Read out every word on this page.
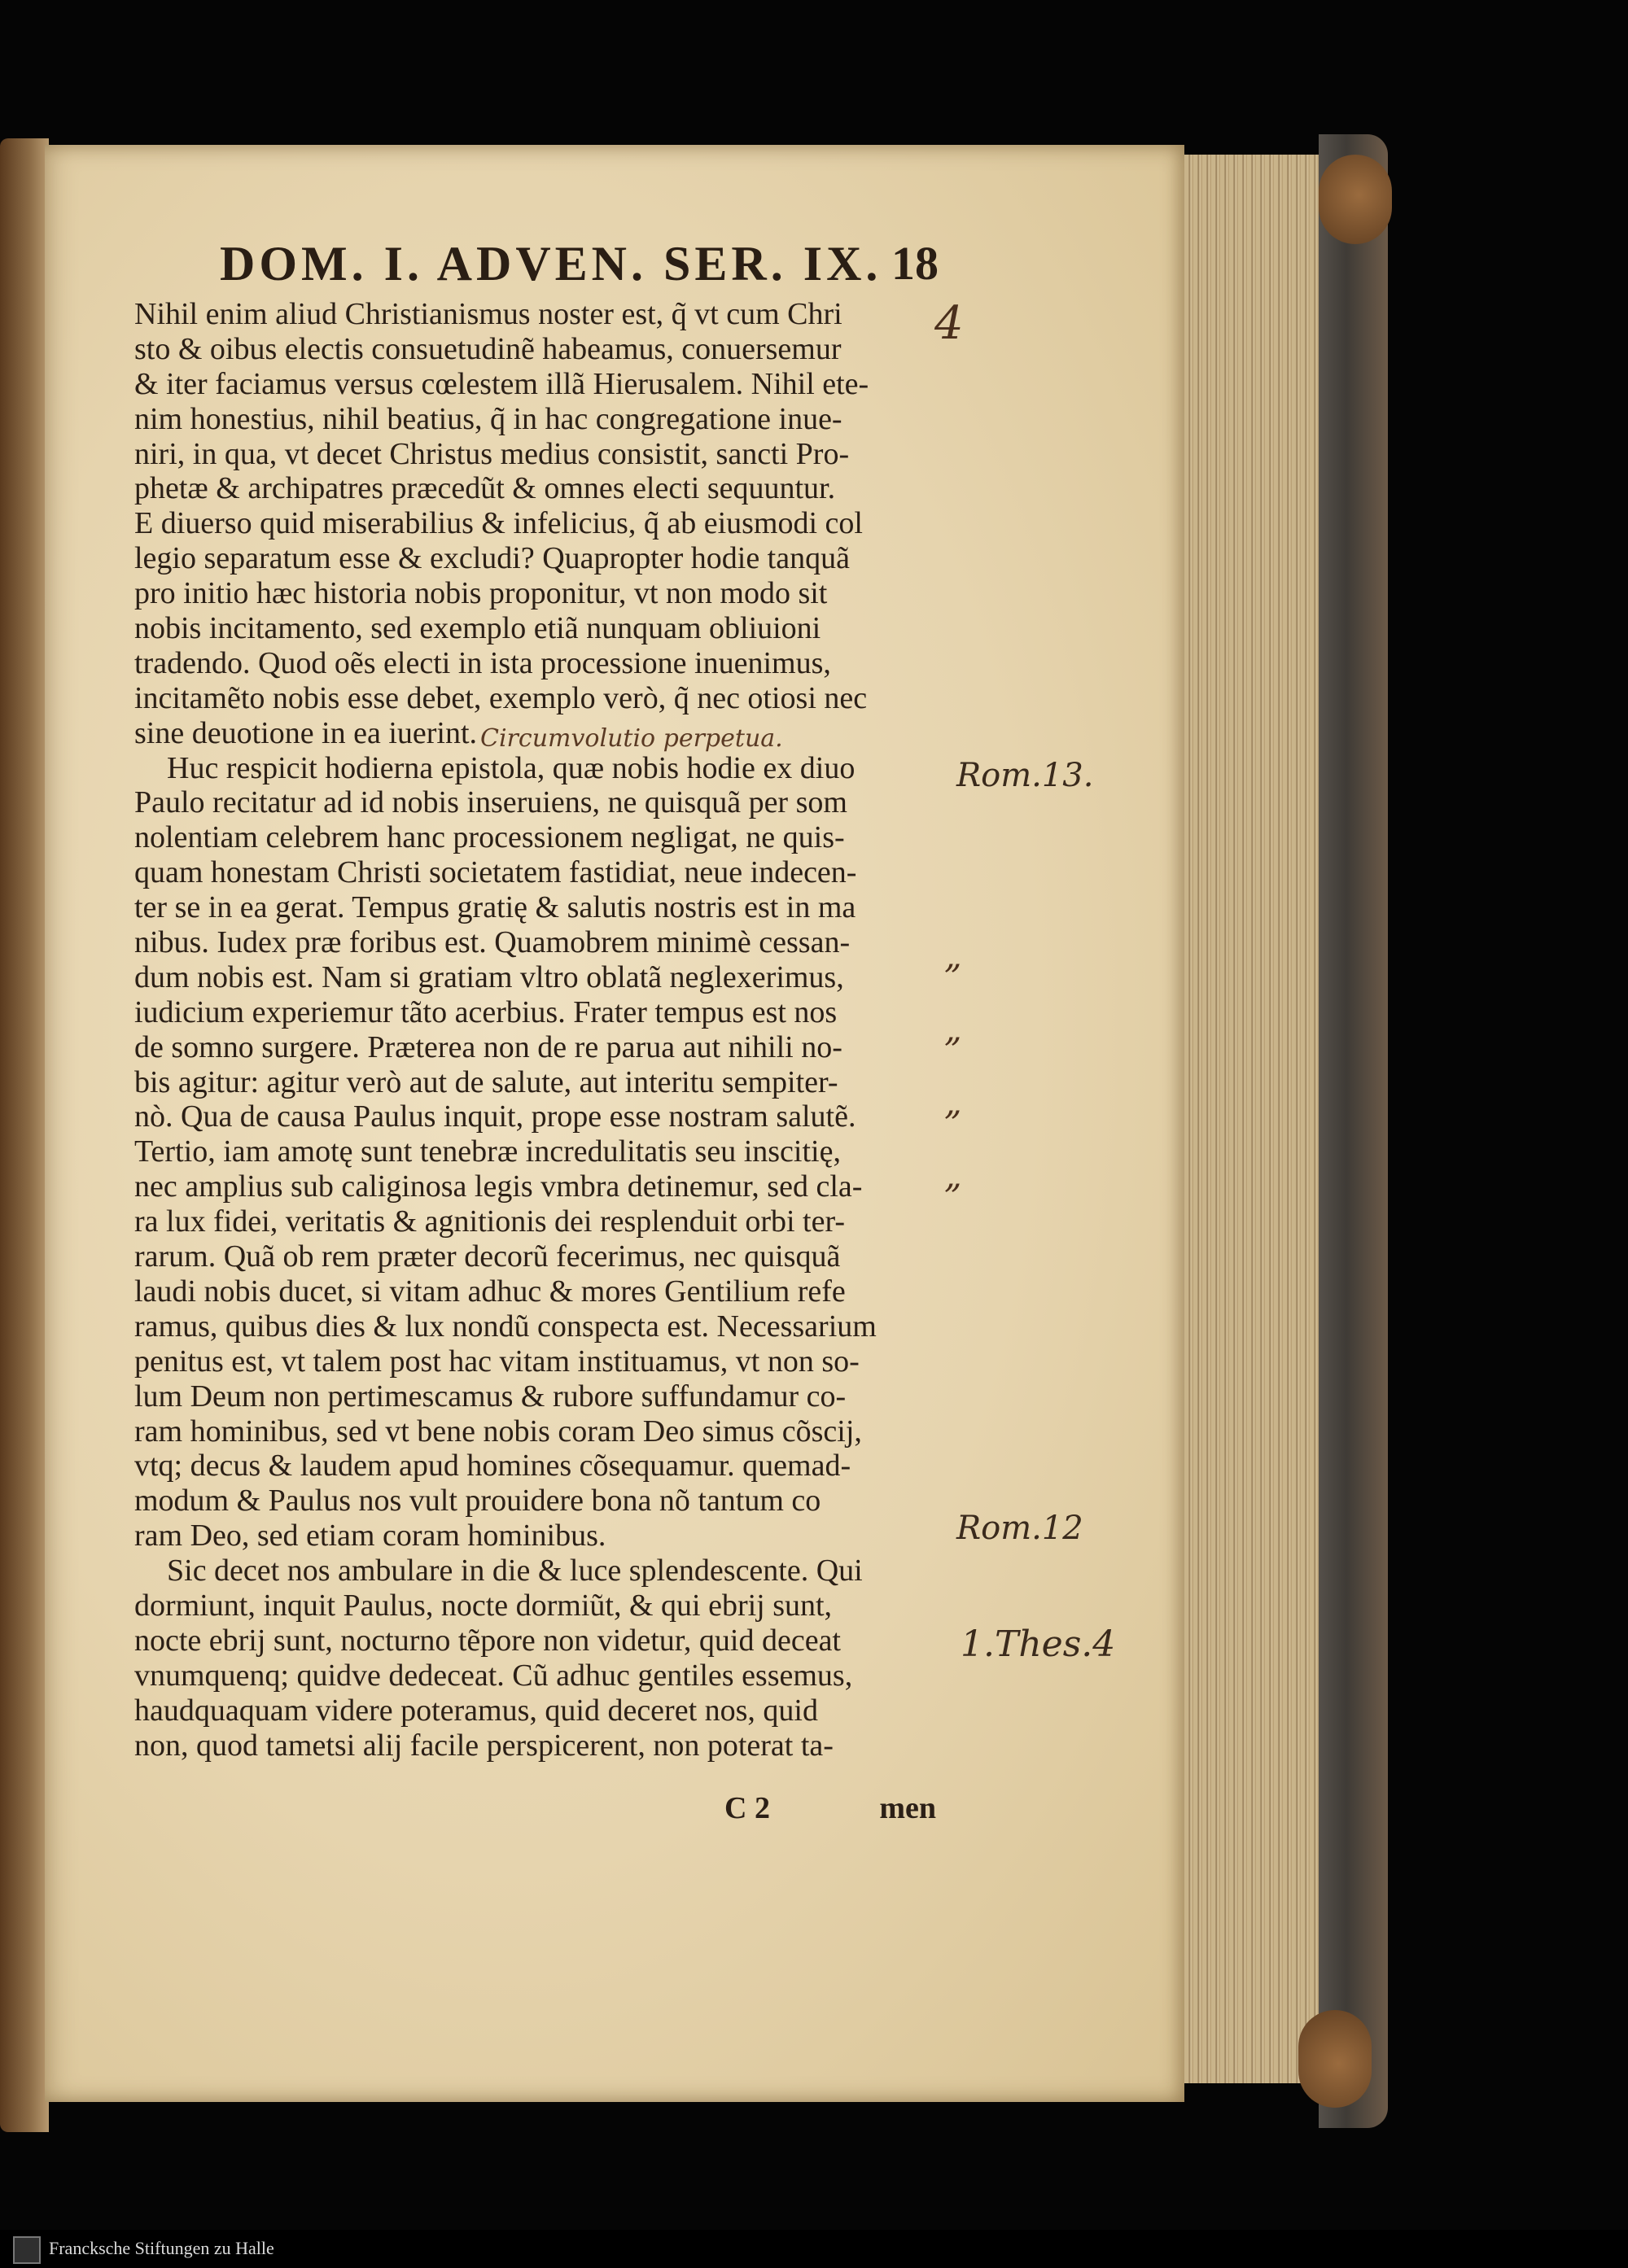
DOM. I. ADVEN. SER. IX. 18
Nihil enim aliud Christianismus noster est, q̃ vt cum Chri
sto & oibus electis consuetudinẽ habeamus, conuersemur
& iter faciamus versus cœlestem illã Hierusalem. Nihil ete-
nim honestius, nihil beatius, q̃ in hac congregatione inue-
niri, in qua, vt decet Christus medius consistit, sancti Pro-
phetæ & archipatres præcedũt & omnes electi sequuntur.
E diuerso quid miserabilius & infelicius, q̃ ab eiusmodi col
legio separatum esse & excludi? Quapropter hodie tanquã
pro initio hæc historia nobis proponitur, vt non modo sit
nobis incitamento, sed exemplo etiã nunquam obliuioni
tradendo. Quod oẽs electi in ista processione inuenimus,
incitamẽto nobis esse debet, exemplo verò, q̃ nec otiosi nec
sine deuotione in ea iuerint.
Huc respicit hodierna epistola, quæ nobis hodie ex diuo
Paulo recitatur ad id nobis inseruiens, ne quisquã per som
nolentiam celebrem hanc processionem negligat, ne quis-
quam honestam Christi societatem fastidiat, neue indecen-
ter se in ea gerat. Tempus gratię & salutis nostris est in ma
nibus. Iudex præ foribus est. Quamobrem minimè cessan-
dum nobis est. Nam si gratiam vltro oblatã neglexerimus,
iudicium experiemur tãto acerbius. Frater tempus est nos
de somno surgere. Præterea non de re parua aut nihili no-
bis agitur: agitur verò aut de salute, aut interitu sempiter-
nò. Qua de causa Paulus inquit, prope esse nostram salutẽ.
Tertio, iam amotę sunt tenebræ incredulitatis seu inscitię,
nec amplius sub caliginosa legis vmbra detinemur, sed cla-
ra lux fidei, veritatis & agnitionis dei resplenduit orbi ter-
rarum. Quã ob rem præter decorũ fecerimus, nec quisquã
laudi nobis ducet, si vitam adhuc & mores Gentilium refe
ramus, quibus dies & lux nondũ conspecta est. Necessarium
penitus est, vt talem post hac vitam instituamus, vt non so-
lum Deum non pertimescamus & rubore suffundamur co-
ram hominibus, sed vt bene nobis coram Deo simus cõscij,
vtq; decus & laudem apud homines cõsequamur. quemad-
modum & Paulus nos vult prouidere bona nõ tantum co
ram Deo, sed etiam coram hominibus.
Sic decet nos ambulare in die & luce splendescente. Qui
dormiunt, inquit Paulus, nocte dormiũt, & qui ebrij sunt,
nocte ebrij sunt, nocturno tẽpore non videtur, quid deceat
vnumquenq; quidve dedeceat. Cũ adhuc gentiles essemus,
haudquaquam videre poteramus, quid deceret nos, quid
non, quod tametsi alij facile perspicerent, non poterat ta-
C 2	men
Circumvolutio perpetua.
4
„
„
„
„
Rom.13.
Rom.12
1.Thes.4
Francksche Stiftungen zu Halle
